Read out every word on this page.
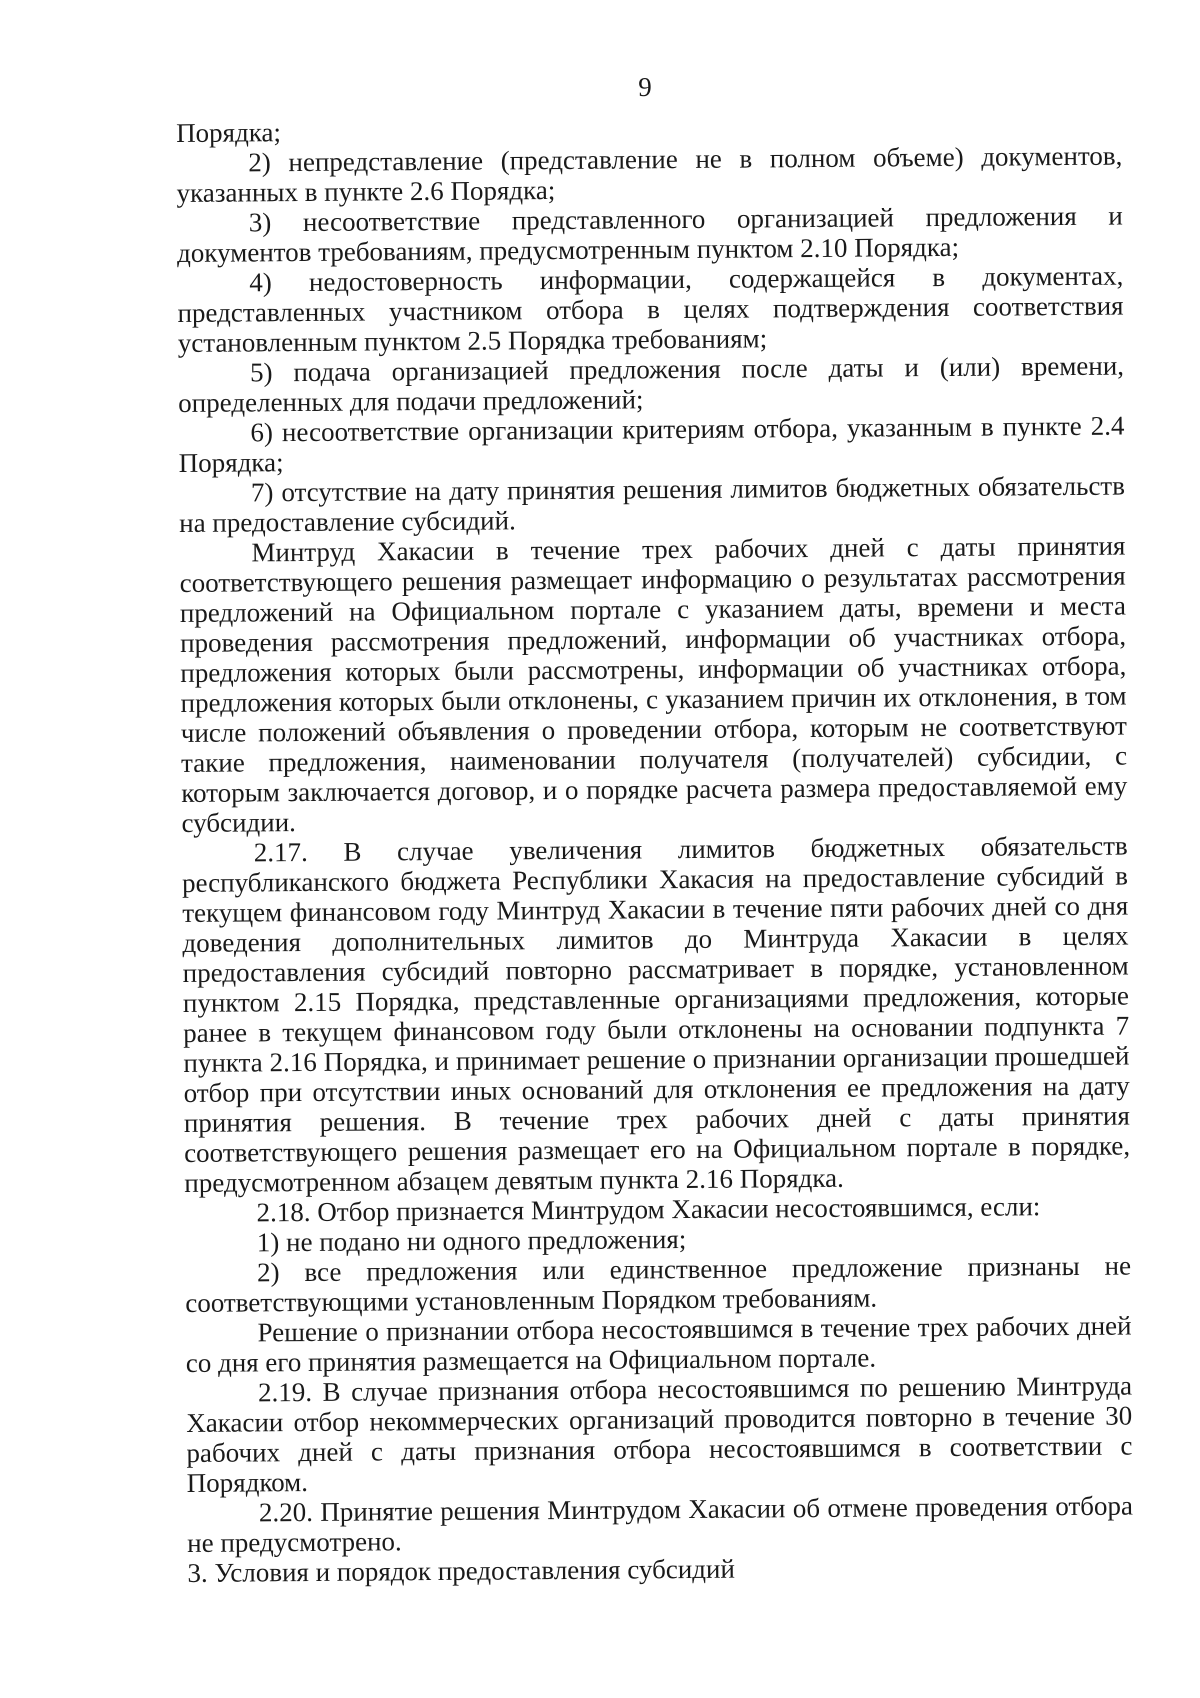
9

Порядка;

2) непредставление (представление не в полном объеме) документов, указанных в пункте 2.6 Порядка;

3) несоответствие представленного организацией предложения и документов требованиям, предусмотренным пунктом 2.10 Порядка;

4) недостоверность информации, содержащейся в документах, представленных участником отбора в целях подтверждения соответствия установленным пунктом 2.5 Порядка требованиям;

5) подача организацией предложения после даты и (или) времени, определенных для подачи предложений;

6) несоответствие организации критериям отбора, указанным в пункте 2.4 Порядка;

7) отсутствие на дату принятия решения лимитов бюджетных обязательств на предоставление субсидий.

Минтруд Хакасии в течение трех рабочих дней с даты принятия соответствующего решения размещает информацию о результатах рассмотрения предложений на Официальном портале с указанием даты, времени и места проведения рассмотрения предложений, информации об участниках отбора, предложения которых были рассмотрены, информации об участниках отбора, предложения которых были отклонены, с указанием причин их отклонения, в том числе положений объявления о проведении отбора, которым не соответствуют такие предложения, наименовании получателя (получателей) субсидии, с которым заключается договор, и о порядке расчета размера предоставляемой ему субсидии.

2.17. В случае увеличения лимитов бюджетных обязательств республиканского бюджета Республики Хакасия на предоставление субсидий в текущем финансовом году Минтруд Хакасии в течение пяти рабочих дней со дня доведения дополнительных лимитов до Минтруда Хакасии в целях предоставления субсидий повторно рассматривает в порядке, установленном пунктом 2.15 Порядка, представленные организациями предложения, которые ранее в текущем финансовом году были отклонены на основании подпункта 7 пункта 2.16 Порядка, и принимает решение о признании организации прошедшей отбор при отсутствии иных оснований для отклонения ее предложения на дату принятия решения. В течение трех рабочих дней с даты принятия соответствующего решения размещает его на Официальном портале в порядке, предусмотренном абзацем девятым пункта 2.16 Порядка.

2.18. Отбор признается Минтрудом Хакасии несостоявшимся, если:

1) не подано ни одного предложения;

2) все предложения или единственное предложение признаны не соответствующими установленным Порядком требованиям.

Решение о признании отбора несостоявшимся в течение трех рабочих дней со дня его принятия размещается на Официальном портале.

2.19. В случае признания отбора несостоявшимся по решению Минтруда Хакасии отбор некоммерческих организаций проводится повторно в течение 30 рабочих дней с даты признания отбора несостоявшимся в соответствии с Порядком.

2.20. Принятие решения Минтрудом Хакасии об отмене проведения отбора не предусмотрено.

3. Условия и порядок предоставления субсидий
